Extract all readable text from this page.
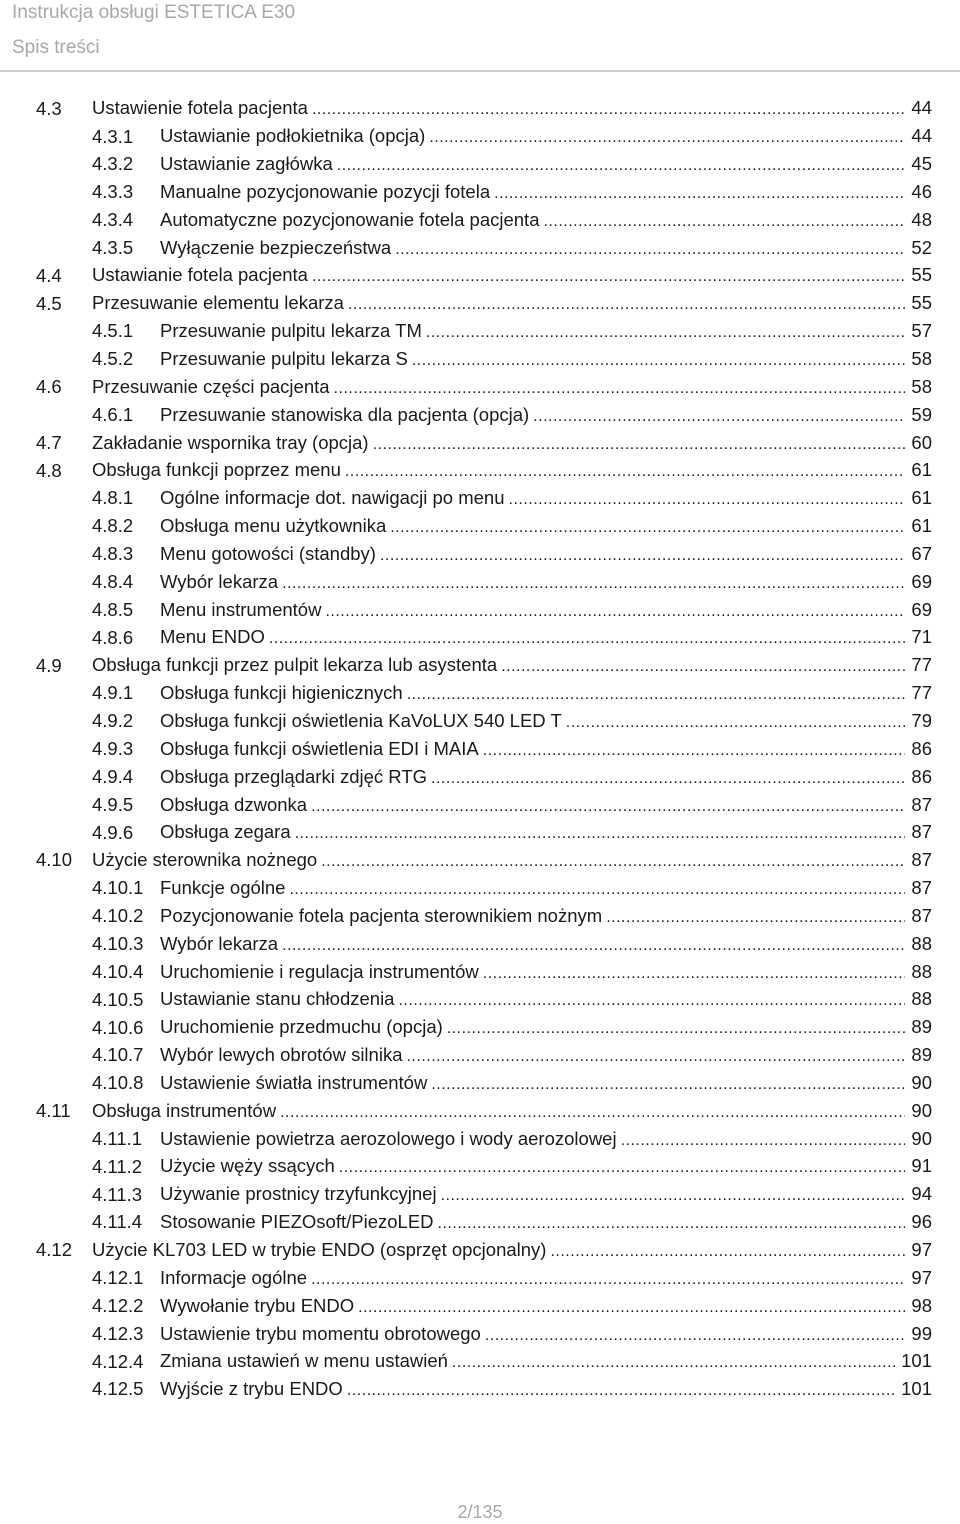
Instrukcja obsługi ESTETICA E30
Spis treści
4.3 Ustawienie fotela pacjenta .....	44
4.3.1 Ustawianie podłokietnika (opcja) .....	44
4.3.2 Ustawianie zagłówka .....	45
4.3.3 Manualne pozycjonowanie pozycji fotela .....	46
4.3.4 Automatyczne pozycjonowanie fotela pacjenta .....	48
4.3.5 Wyłączenie bezpieczeństwa .....	52
4.4 Ustawianie fotela pacjenta .....	55
4.5 Przesuwanie elementu lekarza .....	55
4.5.1 Przesuwanie pulpitu lekarza TM .....	57
4.5.2 Przesuwanie pulpitu lekarza S .....	58
4.6 Przesuwanie części pacjenta .....	58
4.6.1 Przesuwanie stanowiska dla pacjenta (opcja) .....	59
4.7 Zakładanie wspornika tray (opcja) .....	60
4.8 Obsługa funkcji poprzez menu .....	61
4.8.1 Ogólne informacje dot. nawigacji po menu .....	61
4.8.2 Obsługa menu użytkownika .....	61
4.8.3 Menu gotowości (standby) .....	67
4.8.4 Wybór lekarza .....	69
4.8.5 Menu instrumentów .....	69
4.8.6 Menu ENDO .....	71
4.9 Obsługa funkcji przez pulpit lekarza lub asystenta .....	77
4.9.1 Obsługa funkcji higienicznych .....	77
4.9.2 Obsługa funkcji oświetlenia KaVoLUX 540 LED T .....	79
4.9.3 Obsługa funkcji oświetlenia EDI i MAIA .....	86
4.9.4 Obsługa przeglądarki zdjęć RTG .....	86
4.9.5 Obsługa dzwonka .....	87
4.9.6 Obsługa zegara .....	87
4.10 Użycie sterownika nożnego .....	87
4.10.1 Funkcje ogólne .....	87
4.10.2 Pozycjonowanie fotela pacjenta sterownikiem nożnym .....	87
4.10.3 Wybór lekarza .....	88
4.10.4 Uruchomienie i regulacja instrumentów .....	88
4.10.5 Ustawianie stanu chłodzenia .....	88
4.10.6 Uruchomienie przedmuchu (opcja) .....	89
4.10.7 Wybór lewych obrotów silnika .....	89
4.10.8 Ustawienie światła instrumentów .....	90
4.11 Obsługa instrumentów .....	90
4.11.1 Ustawienie powietrza aerozolowego i wody aerozolowej .....	90
4.11.2 Użycie węży ssących .....	91
4.11.3 Używanie prostnicy trzyfunkcyjnej .....	94
4.11.4 Stosowanie PIEZOsoft/PiezoLED .....	96
4.12 Użycie KL703 LED w trybie ENDO (osprzęt opcjonalny) .....	97
4.12.1 Informacje ogólne .....	97
4.12.2 Wywołanie trybu ENDO .....	98
4.12.3 Ustawienie trybu momentu obrotowego .....	99
4.12.4 Zmiana ustawień w menu ustawień .....	101
4.12.5 Wyjście z trybu ENDO .....	101
2/135
